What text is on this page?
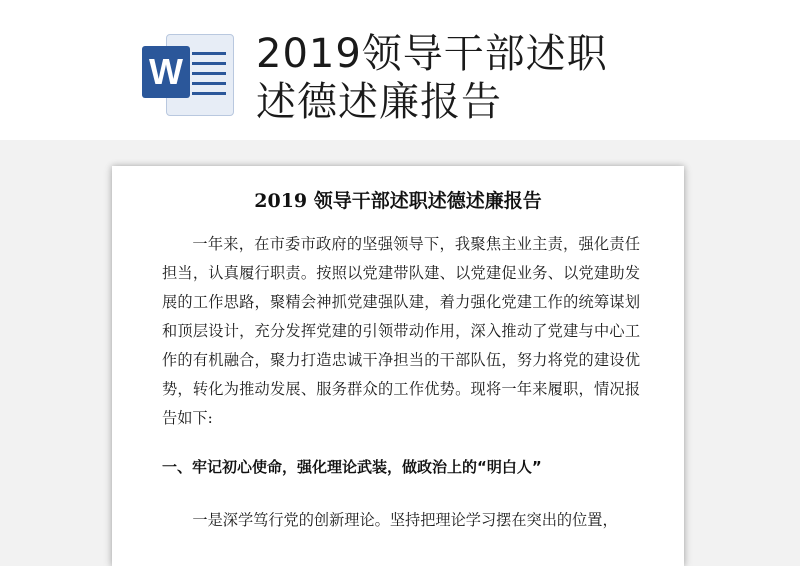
W 2019领导干部述职述德述廉报告
2019 领导干部述职述德述廉报告

一年来，在市委市政府的坚强领导下，我聚焦主业主责，强化责任担当，认真履行职责。按照以党建带队建、以党建促业务、以党建助发展的工作思路，聚精会神抓党建强队建，着力强化党建工作的统筹谋划和顶层设计，充分发挥党建的引领带动作用，深入推动了党建与中心工作的有机融合，聚力打造忠诚干净担当的干部队伍，努力将党的建设优势，转化为推动发展、服务群众的工作优势。现将一年来履职，情况报告如下:

一、牢记初心使命，强化理论武装，做政治上的“明白人”

一是深学笃行党的创新理论。坚持把理论学习摆在突出的位置，
